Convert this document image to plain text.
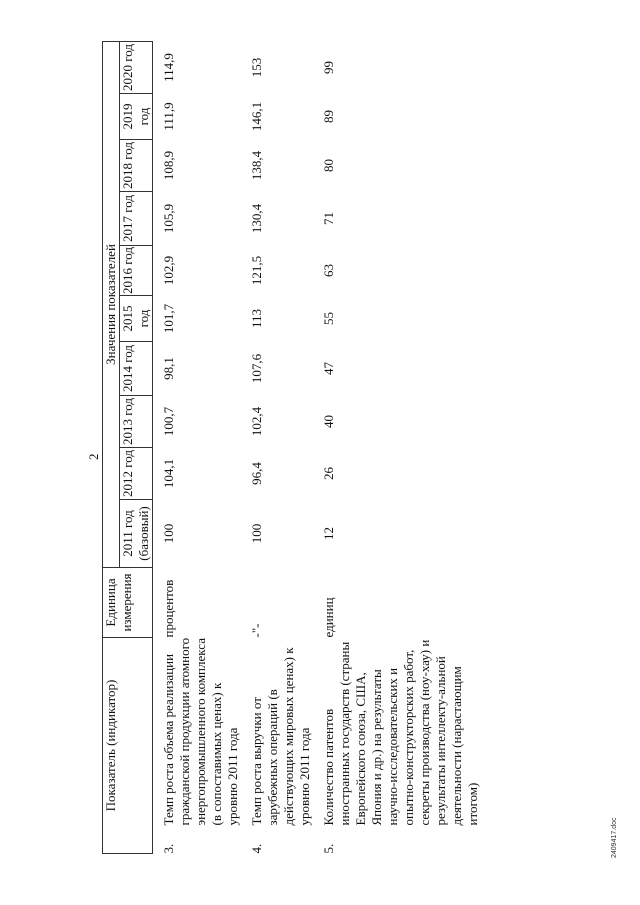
2
Показатель (индикатор)		Единица измерения	Значения показателей									
			2011 год (базовый)	2012 год	2013 год	2014 год	2015 год	2016 год	2017 год	2018 год	2019 год	2020 год

3.	Темп роста объема реализации гражданской продукции атомного энергопромышленного комплекса (в сопоставимых ценах) к уровню 2011 года	процентов	100	104,1	100,7	98,1	101,7	102,9	105,9	108,9	111,9	114,9

4.	Темп роста выручки от зарубежных операций (в действующих мировых ценах) к уровню 2011 года	-"-	100	96,4	102,4	107,6	113	121,5	130,4	138,4	146,1	153

5.	Количество патентов иностранных государств (страны Европейского союза, США, Япония и др.) на результаты научно-исследовательских и опытно-конструкторских работ, секреты производства (ноу-хау) и результаты интеллекту-альной деятельности (нарастающим итогом)	единиц	12	26	40	47	55	63	71	80	89	99
2409417.doc
